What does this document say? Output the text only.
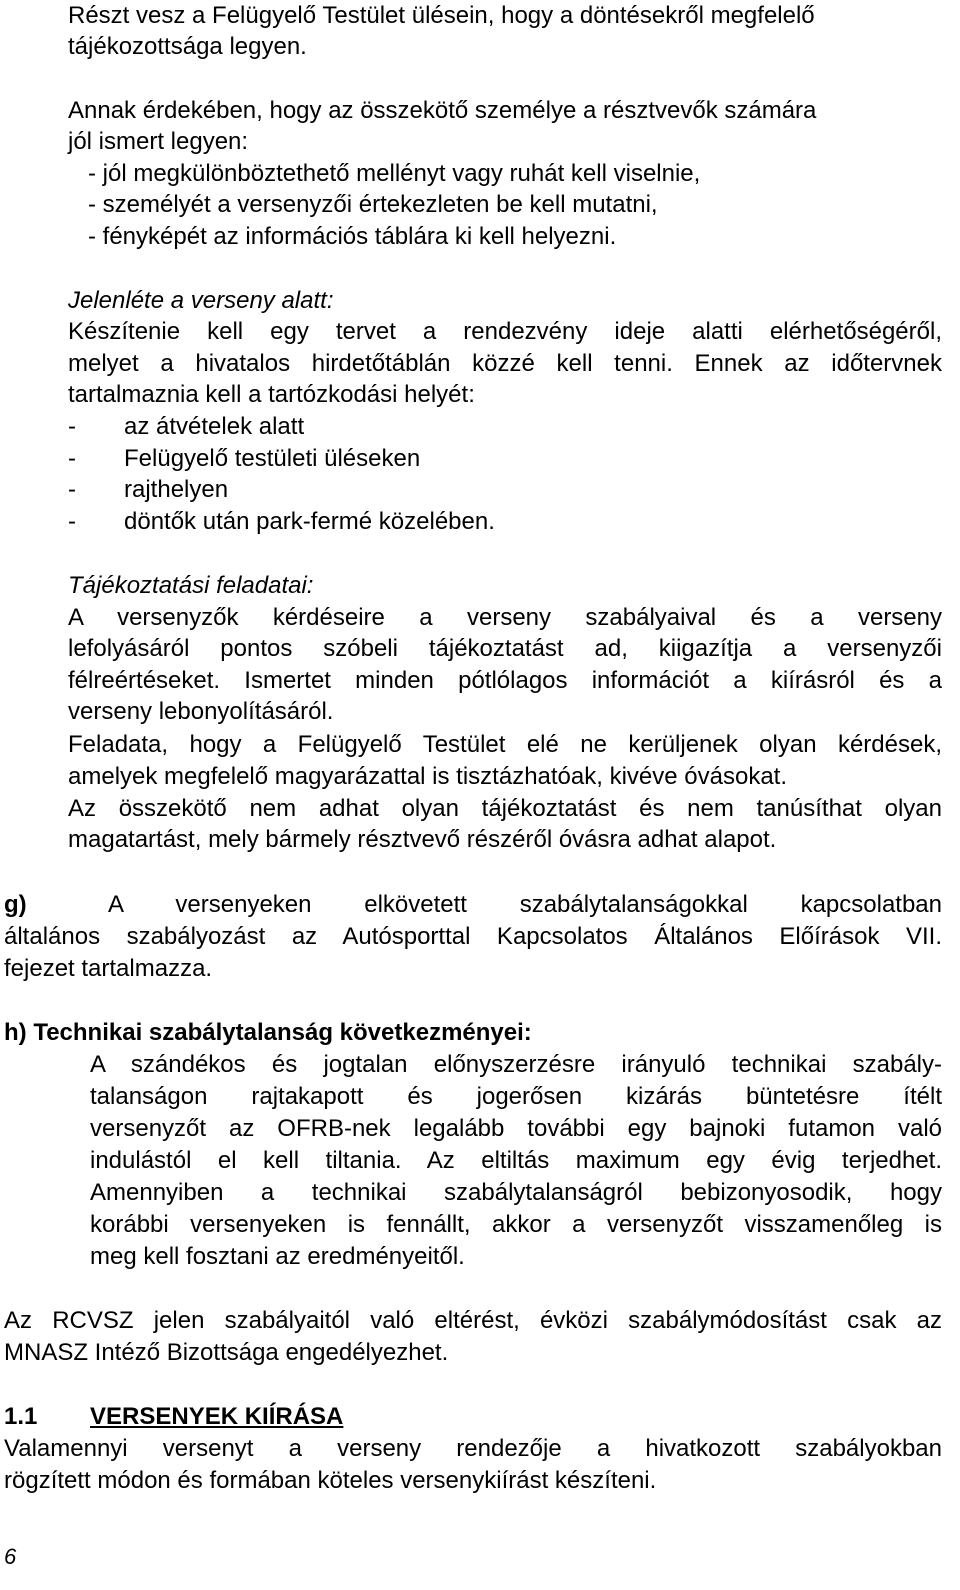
Részt vesz a Felügyelő Testület ülésein, hogy a döntésekről megfelelő
tájékozottsága legyen.
Annak érdekében, hogy az összekötő személye a résztvevők számára
jól ismert legyen:
- jól megkülönböztethető mellényt vagy ruhát kell viselnie,
- személyét a versenyzői értekezleten be kell mutatni,
- fényképét az információs táblára ki kell helyezni.
Jelenléte a verseny alatt:
Készítenie kell egy tervet a rendezvény ideje alatti elérhetőségéről,
melyet a hivatalos hirdetőtáblán közzé kell tenni. Ennek az időtervnek
tartalmaznia kell a tartózkodási helyét:
- az átvételek alatt
- Felügyelő testületi üléseken
- rajthelyen
- döntők után park-fermé közelében.
Tájékoztatási feladatai:
A versenyzők kérdéseire a verseny szabályaival és a verseny
lefolyásáról pontos szóbeli tájékoztatást ad, kiigazítja a versenyzői
félreértéseket. Ismertet minden pótlólagos információt a kiírásról és a
verseny lebonyolításáról.
Feladata, hogy a Felügyelő Testület elé ne kerüljenek olyan kérdések,
amelyek megfelelő magyarázattal is tisztázhatóak, kivéve óvásokat.
Az összekötő nem adhat olyan tájékoztatást és nem tanúsíthat olyan
magatartást, mely bármely résztvevő részéről óvásra adhat alapot.
g)	A versenyeken elkövetett szabálytalanságokkal kapcsolatban
általános szabályozást az Autósporttal Kapcsolatos Általános Előírások VII.
fejezet tartalmazza.
h) Technikai szabálytalanság következményei:
A szándékos és jogtalan előnyszerzésre irányuló technikai szabály-
talanságon rajtakapott és jogerősen kizárás büntetésre ítélt
versenyzőt az OFRB-nek legalább további egy bajnoki futamon való
indulástól el kell tiltania. Az eltiltás maximum egy évig terjedhet.
Amennyiben a technikai szabálytalanságról bebizonyosodik, hogy
korábbi versenyeken is fennállt, akkor a versenyzőt visszamenőleg is
meg kell fosztani az eredményeitől.
Az RCVSZ jelen szabályaitól való eltérést, évközi szabálymódosítást csak az
MNASZ Intéző Bizottsága engedélyezhet.
1.1 VERSENYEK KIÍRÁSA
Valamennyi versenyt a verseny rendezője a hivatkozott szabályokban
rögzített módon és formában köteles versenykiírást készíteni.
6
